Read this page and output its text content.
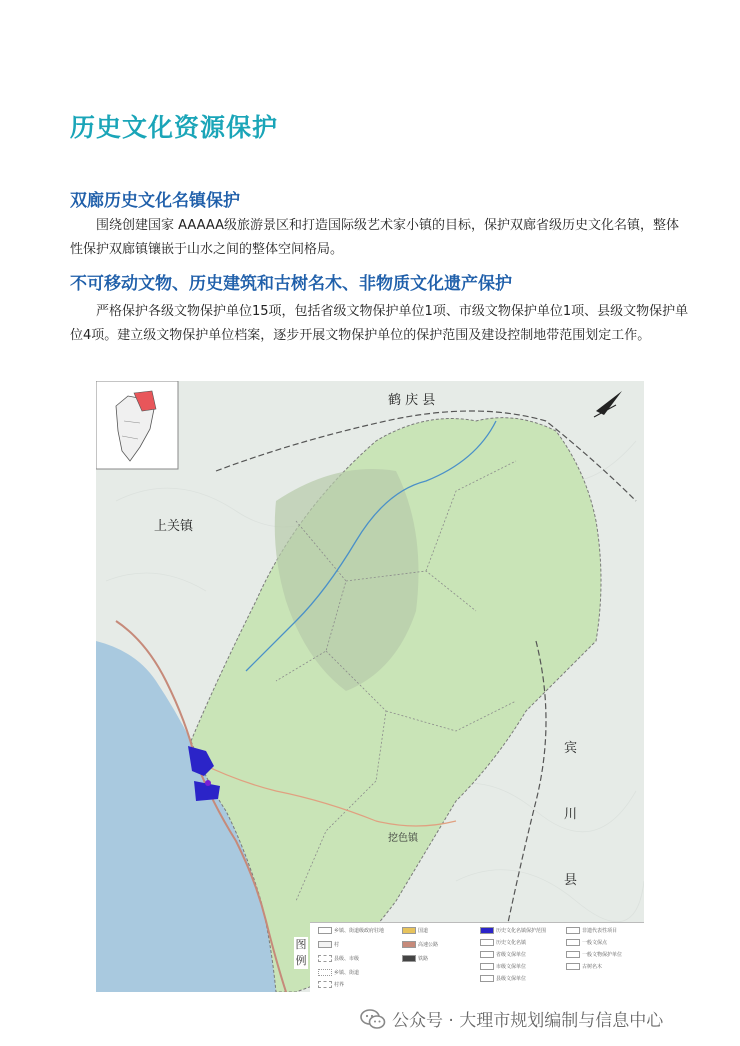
历史文化资源保护
双廊历史文化名镇保护
围绕创建国家 AAAAA级旅游景区和打造国际级艺术家小镇的目标，保护双廊省级历史文化名镇，整体性保护双廊镇镶嵌于山水之间的整体空间格局。
不可移动文物、历史建筑和古树名木、非物质文化遗产保护
严格保护各级文物保护单位15项，包括省级文物保护单位1项、市级文物保护单位1项、县级文物保护单位4项。建立级文物保护单位档案，逐步开展文物保护单位的保护范围及建设控制地带范围划定工作。
鹤 庆 县
上关镇
宾
川
县
挖色镇
乡镇、街道级政府驻地
村
县级、市级
乡镇、街道
村界
国道
高速公路
铁路
历史文化名镇保护范围
历史文化名镇
省级文保单位
市级文保单位
县级文保单位
非遗代表性项目
一般文保点
一般文物保护单位
古树名木
图例
公众号 · 大理市规划编制与信息中心
